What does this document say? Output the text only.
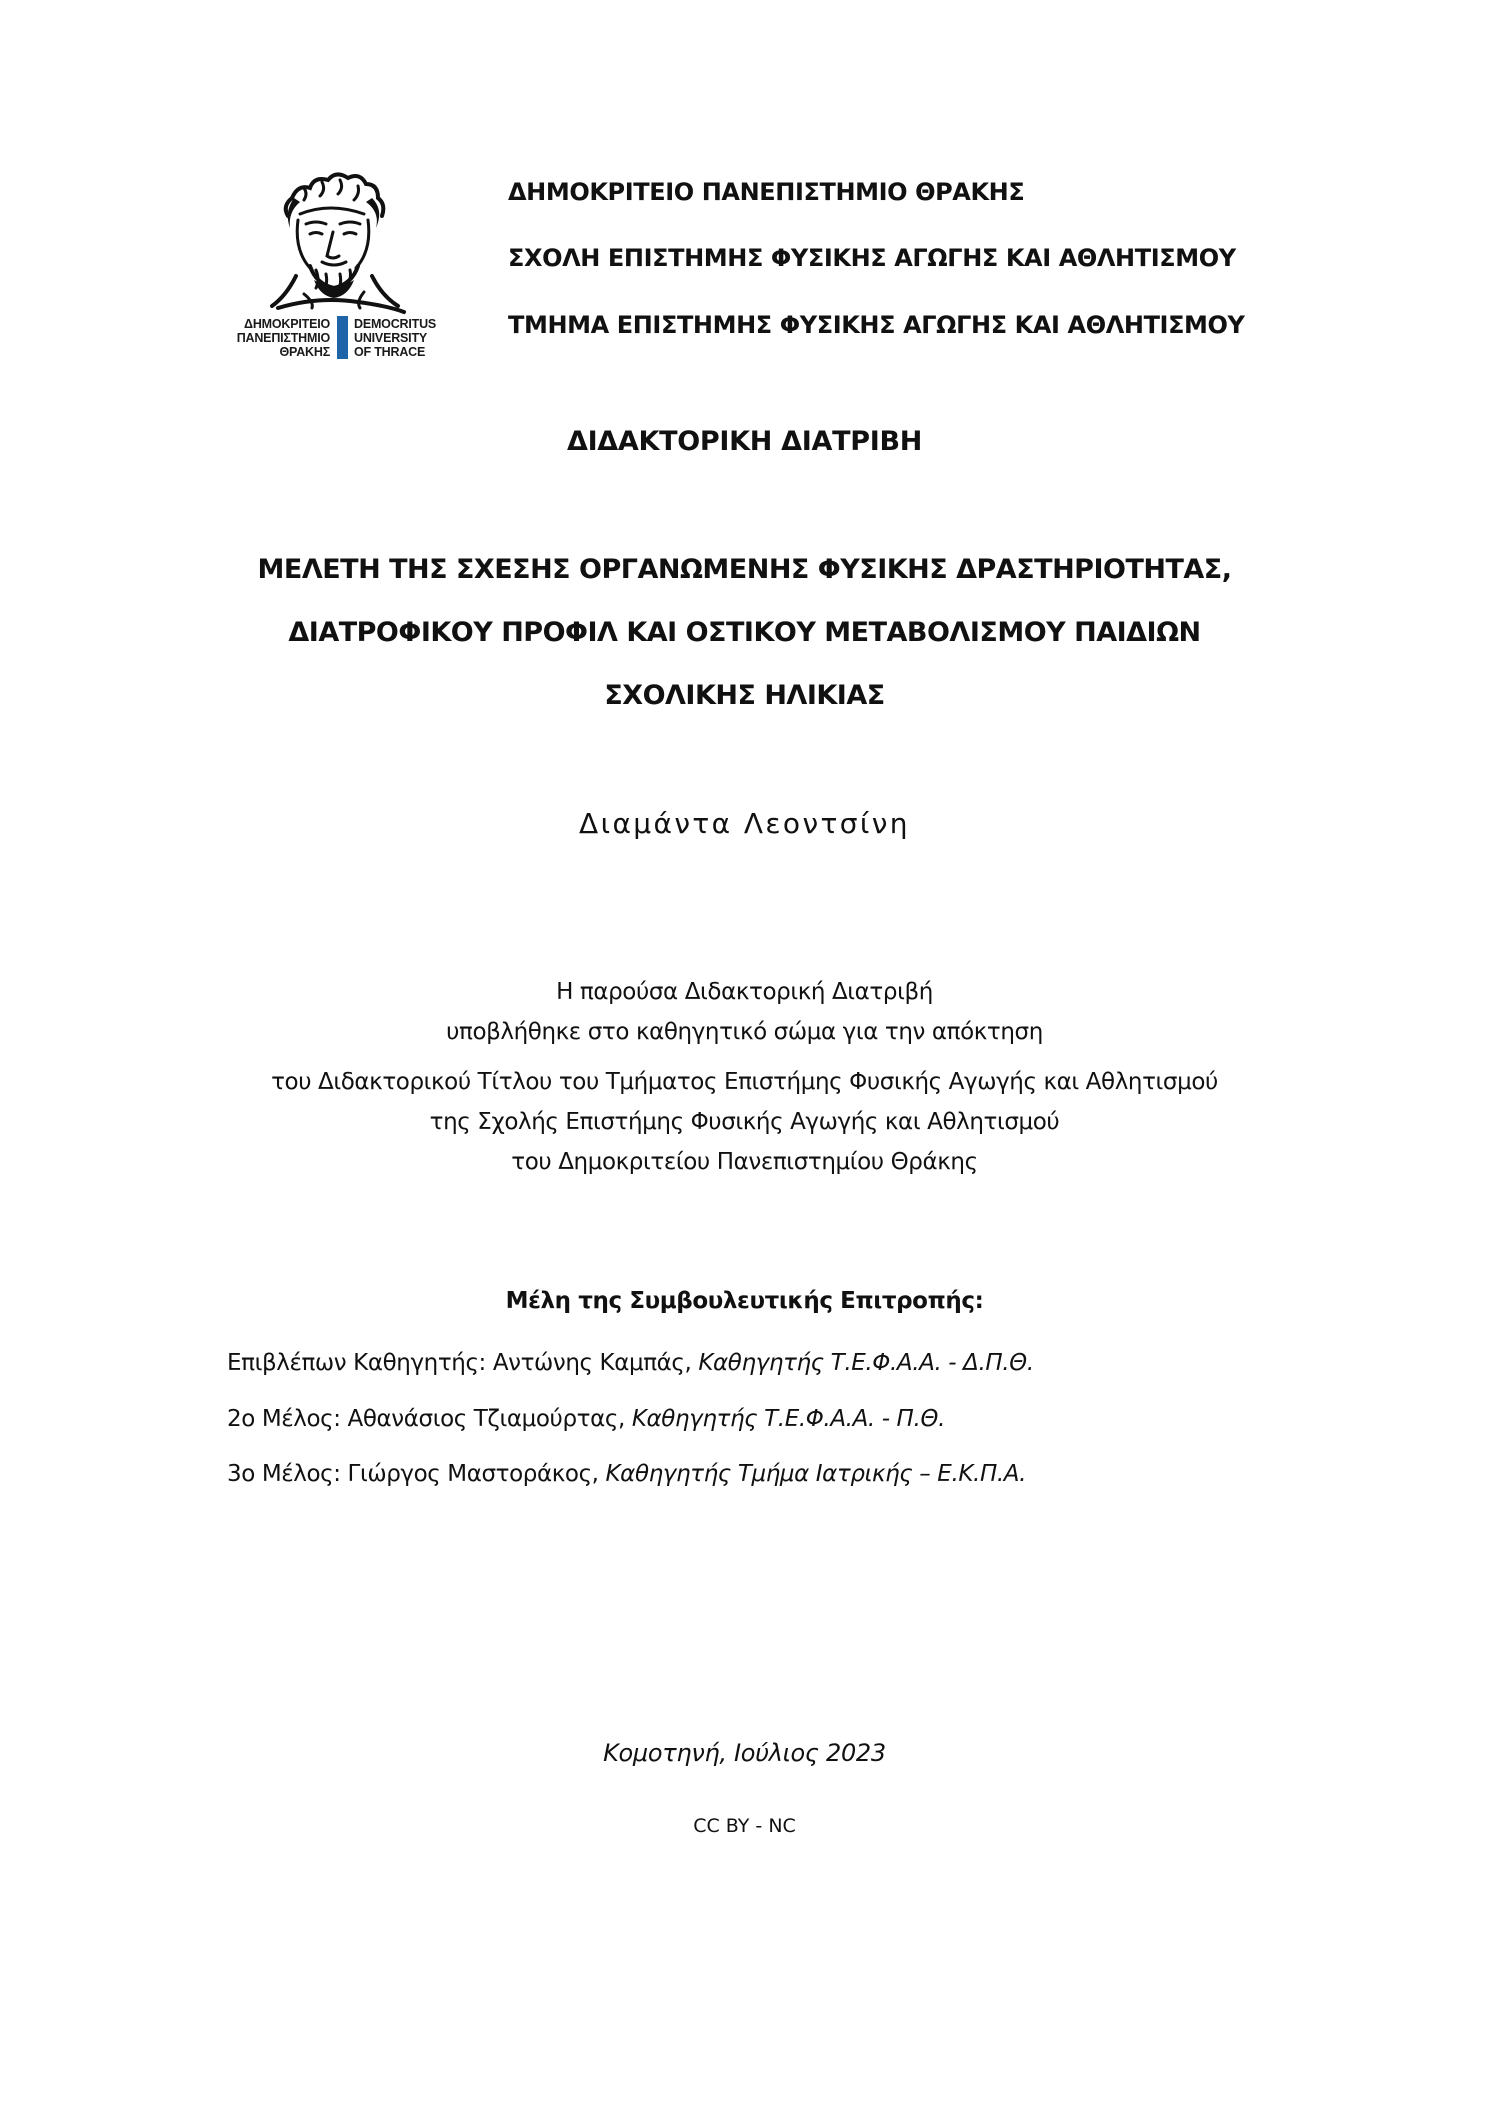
ΔΗΜΟΚΡΙΤΕΙΟ
ΠΑΝΕΠΙΣΤΗΜΙΟ
ΘΡΑΚΗΣ
DEMOCRITUS
UNIVERSITY
OF THRACE
ΔΗΜΟΚΡΙΤΕΙΟ ΠΑΝΕΠΙΣΤΗΜΙΟ ΘΡΑΚΗΣ
ΣΧΟΛΗ ΕΠΙΣΤΗΜΗΣ ΦΥΣΙΚΗΣ ΑΓΩΓΗΣ ΚΑΙ ΑΘΛΗΤΙΣΜΟΥ
ΤΜΗΜΑ ΕΠΙΣΤΗΜΗΣ ΦΥΣΙΚΗΣ ΑΓΩΓΗΣ ΚΑΙ ΑΘΛΗΤΙΣΜΟΥ
ΔΙΔΑΚΤΟΡΙΚΗ ΔΙΑΤΡΙΒΗ
ΜΕΛΕΤΗ ΤΗΣ ΣΧΕΣΗΣ ΟΡΓΑΝΩΜΕΝΗΣ ΦΥΣΙΚΗΣ ΔΡΑΣΤΗΡΙΟΤΗΤΑΣ,
ΔΙΑΤΡΟΦΙΚΟΥ ΠΡΟΦΙΛ ΚΑΙ ΟΣΤΙΚΟΥ ΜΕΤΑΒΟΛΙΣΜΟΥ ΠΑΙΔΙΩΝ
ΣΧΟΛΙΚΗΣ ΗΛΙΚΙΑΣ
Διαμάντα Λεοντσίνη
Η παρούσα Διδακτορική Διατριβή
υποβλήθηκε στο καθηγητικό σώμα για την απόκτηση
του Διδακτορικού Τίτλου του Τμήματος Επιστήμης Φυσικής Αγωγής και Αθλητισμού
της Σχολής Επιστήμης Φυσικής Αγωγής και Αθλητισμού
του Δημοκριτείου Πανεπιστημίου Θράκης
Μέλη της Συμβουλευτικής Επιτροπής:
Επιβλέπων Καθηγητής: Αντώνης Καμπάς, Καθηγητής Τ.Ε.Φ.Α.Α. - Δ.Π.Θ.
2ο Μέλος: Αθανάσιος Τζιαμούρτας, Καθηγητής Τ.Ε.Φ.Α.Α. - Π.Θ.
3ο Μέλος: Γιώργος Μαστοράκος, Καθηγητής Τμήμα Ιατρικής – Ε.Κ.Π.Α.
Κομοτηνή, Ιούλιος 2023
CC BY - NC
